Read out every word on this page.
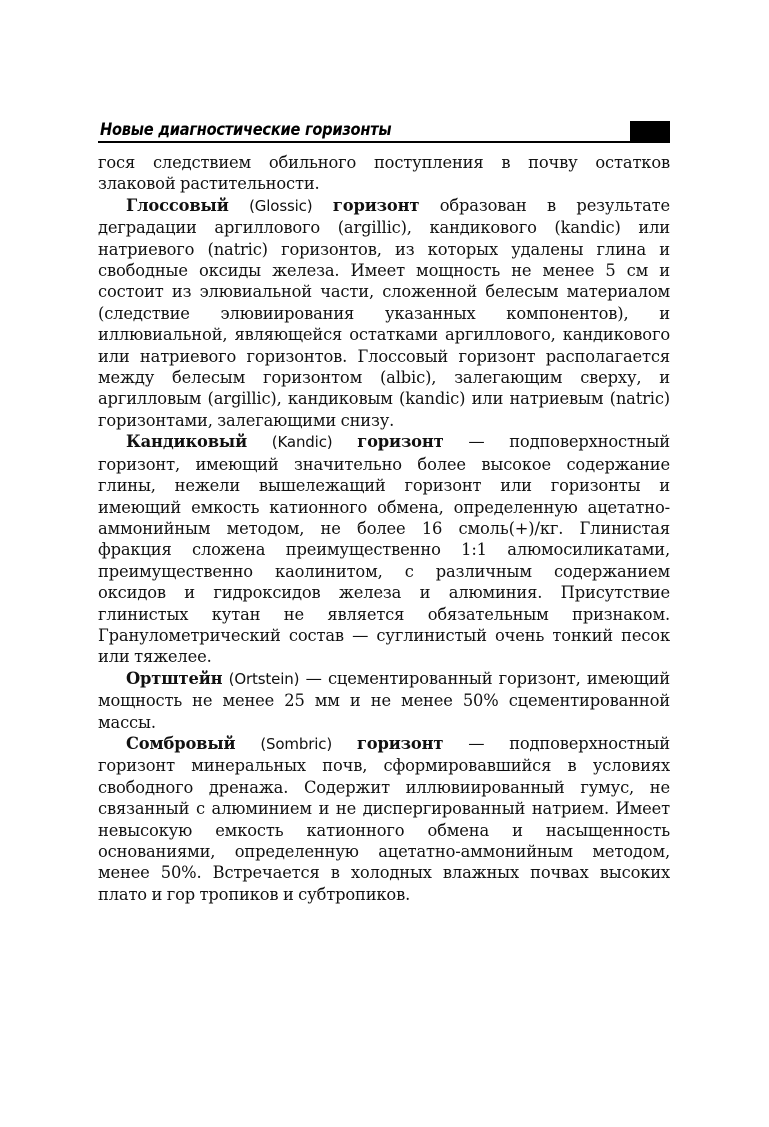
Новые диагностические горизонты

гося следствием обильного поступления в почву остатков злаковой растительности.

Глоссовый (Glossic) горизонт образован в результате деградации аргиллового (argillic), кандикового (kandic) или натриевого (natric) горизонтов, из которых удалены глина и свободные оксиды железа. Имеет мощность не менее 5 см и состоит из элювиальной части, сложенной белесым материалом (следствие элювиирования указанных компонентов), и иллювиальной, являющейся остатками аргиллового, кандикового или натриевого горизонтов. Глоссовый горизонт располагается между белесым горизонтом (albic), залегающим сверху, и аргилловым (argillic), кандиковым (kandic) или натриевым (natric) горизонтами, залегающими снизу.

Кандиковый (Kandic) горизонт — подповерхностный горизонт, имеющий значительно более высокое содержание глины, нежели вышележащий горизонт или горизонты и имеющий емкость катионного обмена, определенную ацетатно-аммонийным методом, не более 16 смоль(+)/кг. Глинистая фракция сложена преимущественно 1:1 алюмосиликатами, преимущественно каолинитом, с различным содержанием оксидов и гидроксидов железа и алюминия. Присутствие глинистых кутан не является обязательным признаком. Гранулометрический состав — суглинистый очень тонкий песок или тяжелее.

Ортштейн (Ortstein) — сцементированный горизонт, имеющий мощность не менее 25 мм и не менее 50% сцементированной массы.

Сомбровый (Sombric) горизонт — подповерхностный горизонт минеральных почв, сформировавшийся в условиях свободного дренажа. Содержит иллювиированный гумус, не связанный с алюминием и не диспергированный натрием. Имеет невысокую емкость катионного обмена и насыщенность основаниями, определенную ацетатно-аммонийным методом, менее 50%. Встречается в холодных влажных почвах высоких плато и гор тропиков и субтропиков.
